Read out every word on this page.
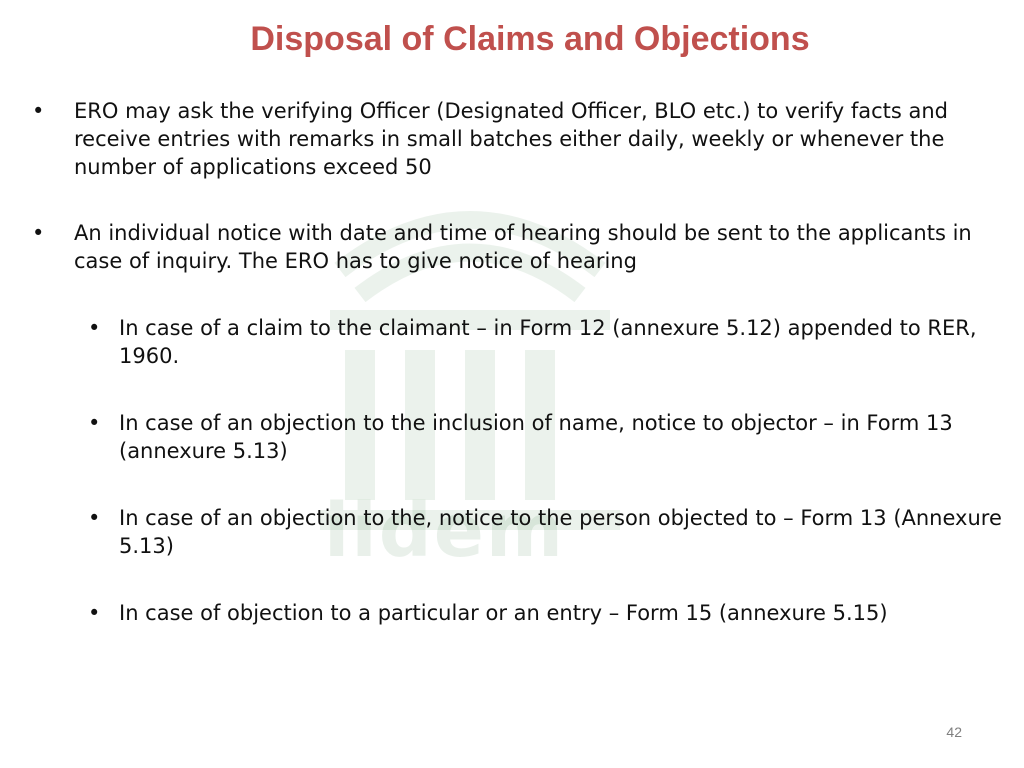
iidem
Disposal of Claims and Objections

• ERO may ask the verifying Officer (Designated Officer, BLO etc.) to verify facts and receive entries with remarks in small batches either daily, weekly or whenever the number of applications exceed 50

• An individual notice with date and time of hearing should be sent to the applicants in case of inquiry. The ERO has to give notice of hearing

• In case of a claim to the claimant – in Form 12 (annexure 5.12) appended to RER, 1960.

• In case of an objection to the inclusion of name, notice to objector – in Form 13 (annexure 5.13)

• In case of an objection to the, notice to the person objected to – Form 13 (Annexure 5.13)

• In case of objection to a particular or an entry – Form 15 (annexure 5.15)

42
